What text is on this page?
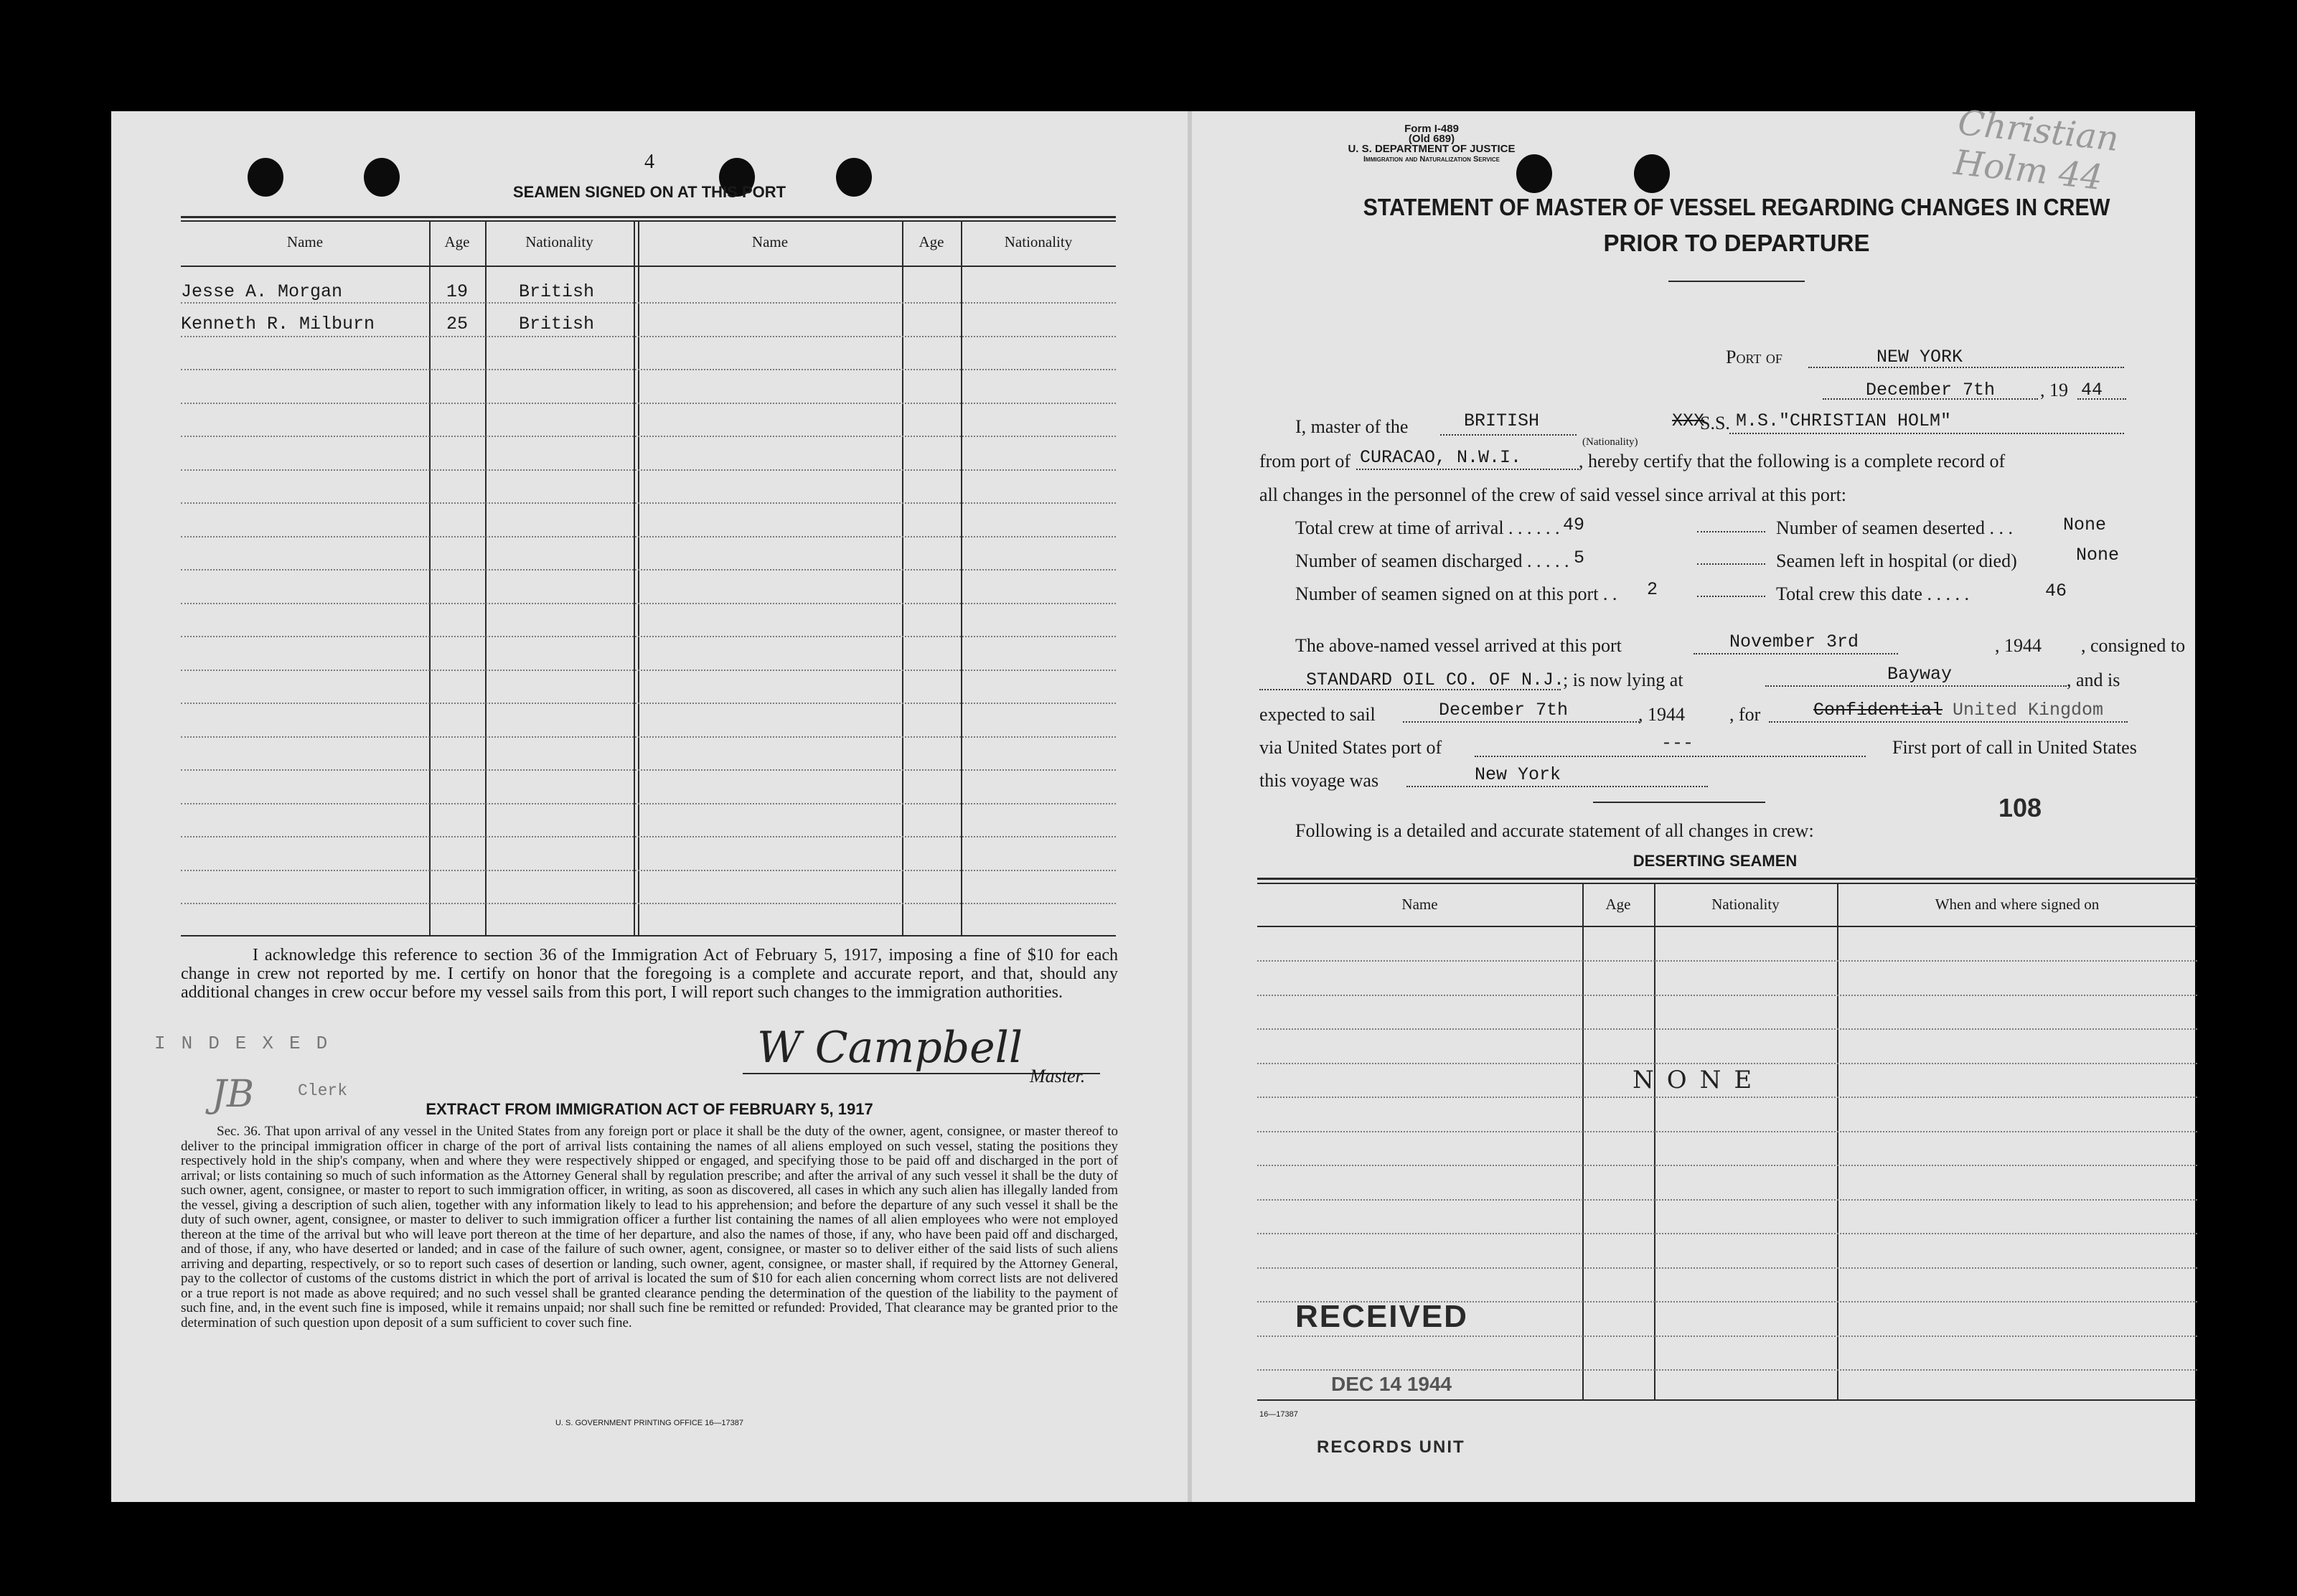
4
SEAMEN SIGNED ON AT THIS PORT
Name	Age	Nationality	Name	Age	Nationality
Jesse A. Morgan	19	British
Kenneth R. Milburn	25	British
I acknowledge this reference to section 36 of the Immigration Act of February 5, 1917, imposing a fine of $10 for each change in crew not reported by me. I certify on honor that the foregoing is a complete and accurate report, and that, should any additional changes in crew occur before my vessel sails from this port, I will report such changes to the immigration authorities.
INDEXED
JB	Clerk
W Campbell
Master.
EXTRACT FROM IMMIGRATION ACT OF FEBRUARY 5, 1917
Sec. 36. That upon arrival of any vessel in the United States from any foreign port or place it shall be the duty of the owner, agent, consignee, or master thereof to deliver to the principal immigration officer in charge of the port of arrival lists containing the names of all aliens employed on such vessel, stating the positions they respectively hold in the ship's company, when and where they were respectively shipped or engaged, and specifying those to be paid off and discharged in the port of arrival; or lists containing so much of such information as the Attorney General shall by regulation prescribe; and after the arrival of any such vessel it shall be the duty of such owner, agent, consignee, or master to report to such immigration officer, in writing, as soon as discovered, all cases in which any such alien has illegally landed from the vessel, giving a description of such alien, together with any information likely to lead to his apprehension; and before the departure of any such vessel it shall be the duty of such owner, agent, consignee, or master to deliver to such immigration officer a further list containing the names of all alien employees who were not employed thereon at the time of the arrival but who will leave port thereon at the time of her departure, and also the names of those, if any, who have been paid off and discharged, and of those, if any, who have deserted or landed; and in case of the failure of such owner, agent, consignee, or master so to deliver either of the said lists of such aliens arriving and departing, respectively, or so to report such cases of desertion or landing, such owner, agent, consignee, or master shall, if required by the Attorney General, pay to the collector of customs of the customs district in which the port of arrival is located the sum of $10 for each alien concerning whom correct lists are not delivered or a true report is not made as above required; and no such vessel shall be granted clearance pending the determination of the question of the liability to the payment of such fine, and, in the event such fine is imposed, while it remains unpaid; nor shall such fine be remitted or refunded: Provided, That clearance may be granted prior to the determination of such question upon deposit of a sum sufficient to cover such fine.
U. S. GOVERNMENT PRINTING OFFICE 16—17387
Form I-489
(Old 689)
U. S. DEPARTMENT OF JUSTICE
Immigration and Naturalization Service	Christian Holm 44
STATEMENT OF MASTER OF VESSEL REGARDING CHANGES IN CREW
PRIOR TO DEPARTURE
Port of	NEW YORK
December 7th , 19 44
I, master of the	BRITISH
(Nationality)
XXX
S.S. M.S."CHRISTIAN HOLM"
from port of CURACAO, N.W.I.	, hereby certify that the following is a complete record of
all changes in the personnel of the crew of said vessel since arrival at this port:
Total crew at time of arrival . . . . . . 49	Number of seamen deserted . . .	None
Number of seamen discharged . . . . . 5	Seamen left in hospital (or died)	None
Number of seamen signed on at this port . . 2	Total crew this date . . . . .	46
The above-named vessel arrived at this port	November 3rd	, 1944 , consigned to
STANDARD OIL CO. OF N.J.
; is now lying at	Bayway	, and is
expected to sail	December 7th	, 1944 , for	Confidential United Kingdom
via United States port of	---	First port of call in United States
this voyage was	New York
108
Following is a detailed and accurate statement of all changes in crew:
DESERTING SEAMEN
Name	Age	Nationality	When and where signed on
NONE
RECEIVED
DEC 14 1944
16—17387
RECORDS UNIT
